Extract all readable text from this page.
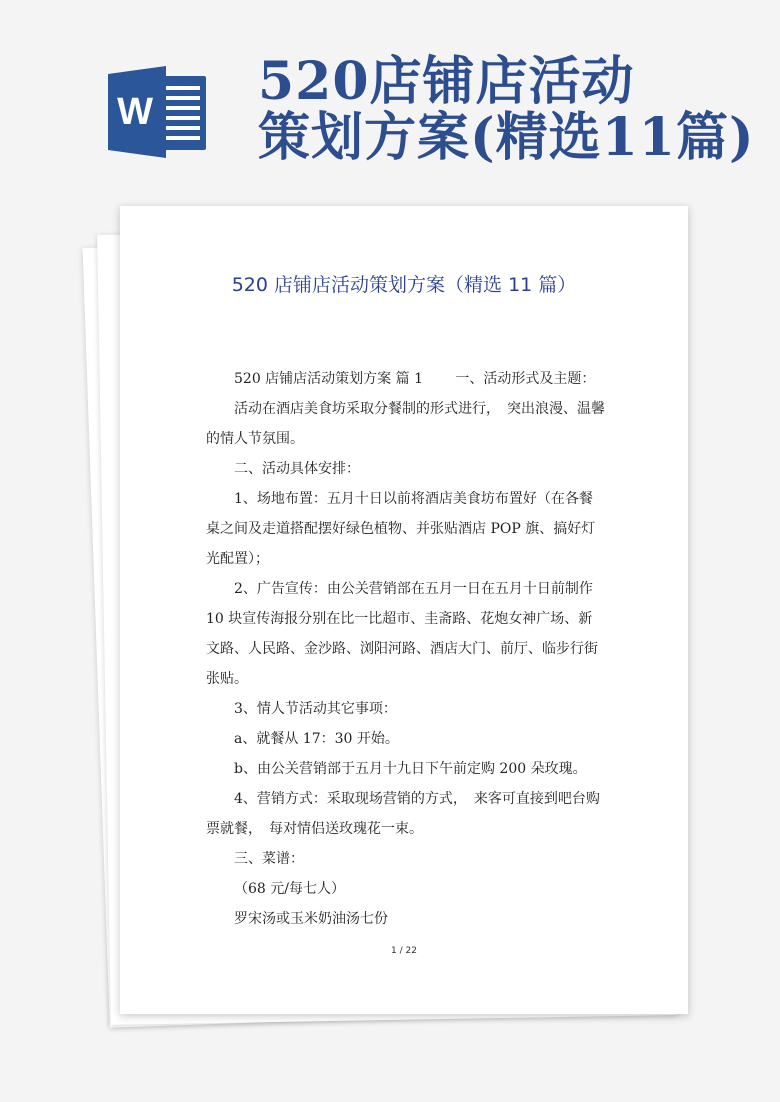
W 520店铺店活动
策划方案(精选11篇)
520 店铺店活动策划方案（精选 11 篇）

520 店铺店活动策划方案 篇 1 　　一、活动形式及主题：

活动在酒店美食坊采取分餐制的形式进行，　突出浪漫、温馨的情人节氛围。

二、活动具体安排：

1、场地布置：五月十日以前将酒店美食坊布置好（在各餐桌之间及走道搭配摆好绿色植物、并张贴酒店 POP 旗、搞好灯光配置）；

2、广告宣传：由公关营销部在五月一日在五月十日前制作 10 块宣传海报分别在比一比超市、圭斋路、花炮女神广场、新文路、人民路、金沙路、浏阳河路、酒店大门、前厅、临步行街张贴。

3、情人节活动其它事项：

a、就餐从 17：30 开始。

b、由公关营销部于五月十九日下午前定购 200 朵玫瑰。

4、营销方式：采取现场营销的方式，　来客可直接到吧台购票就餐，　每对情侣送玫瑰花一束。

三、菜谱：

（68 元/每七人）

罗宋汤或玉米奶油汤七份

1 / 22
